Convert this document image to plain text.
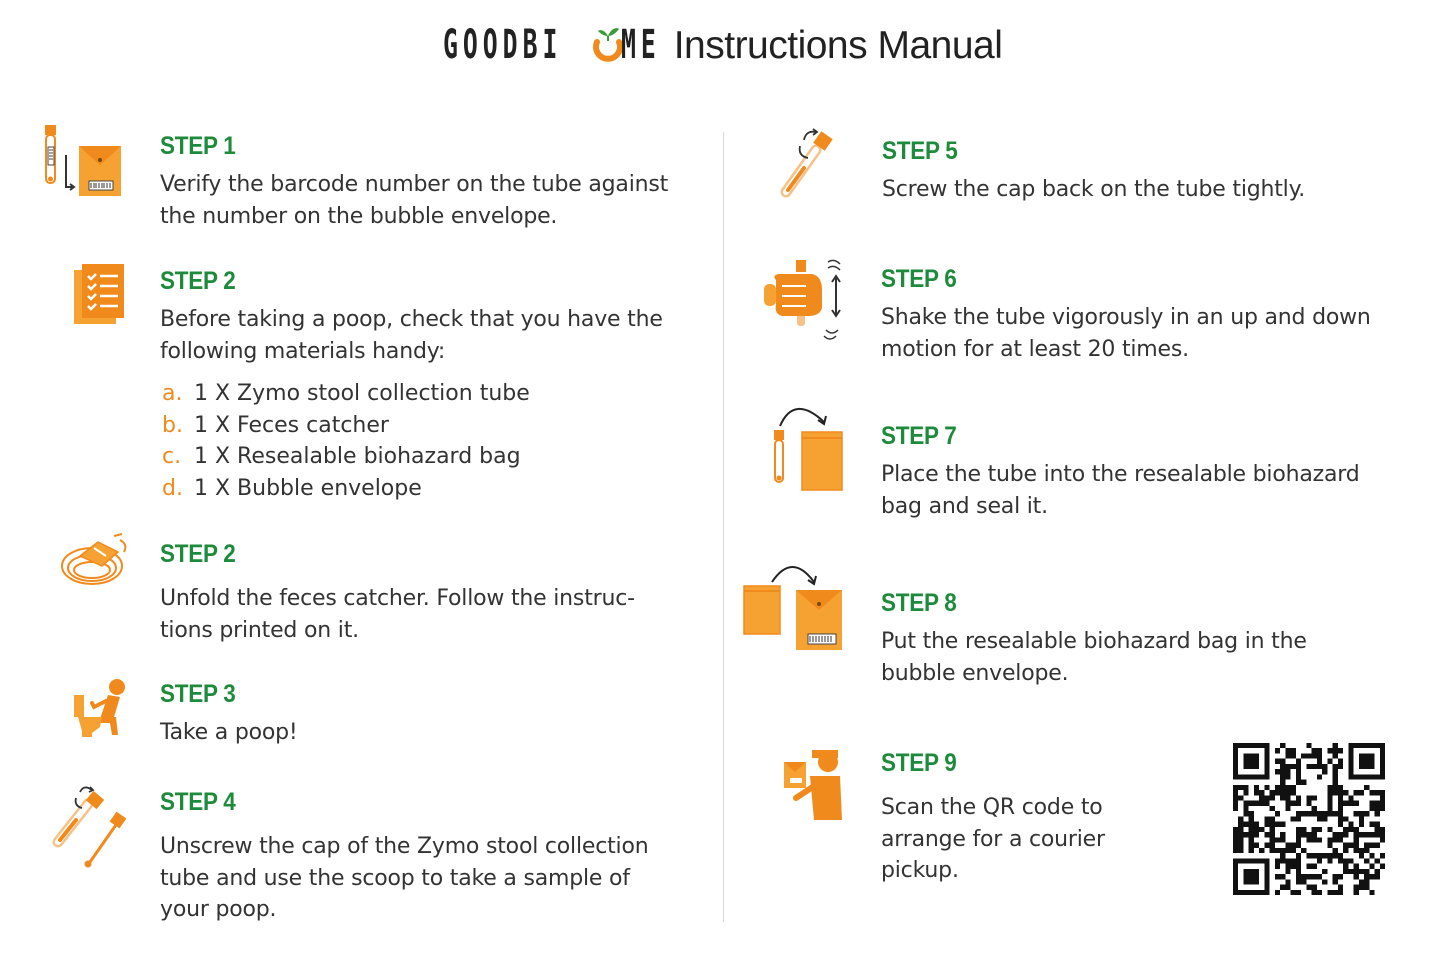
GOODBI ME Instructions Manual
STEP 1
Verify the barcode number on the tube against
the number on the bubble envelope.
STEP 2
Before taking a poop, check that you have the
following materials handy:
a. 1 X Zymo stool collection tube
b. 1 X Feces catcher
c. 1 X Resealable biohazard bag
d. 1 X Bubble envelope
STEP 2
Unfold the feces catcher. Follow the instruc-
tions printed on it.
STEP 3
Take a poop!
STEP 4
Unscrew the cap of the Zymo stool collection
tube and use the scoop to take a sample of
your poop.
STEP 5
Screw the cap back on the tube tightly.
STEP 6
Shake the tube vigorously in an up and down
motion for at least 20 times.
STEP 7
Place the tube into the resealable biohazard
bag and seal it.
STEP 8
Put the resealable biohazard bag in the
bubble envelope.
STEP 9
Scan the QR code to
arrange for a courier
pickup.
